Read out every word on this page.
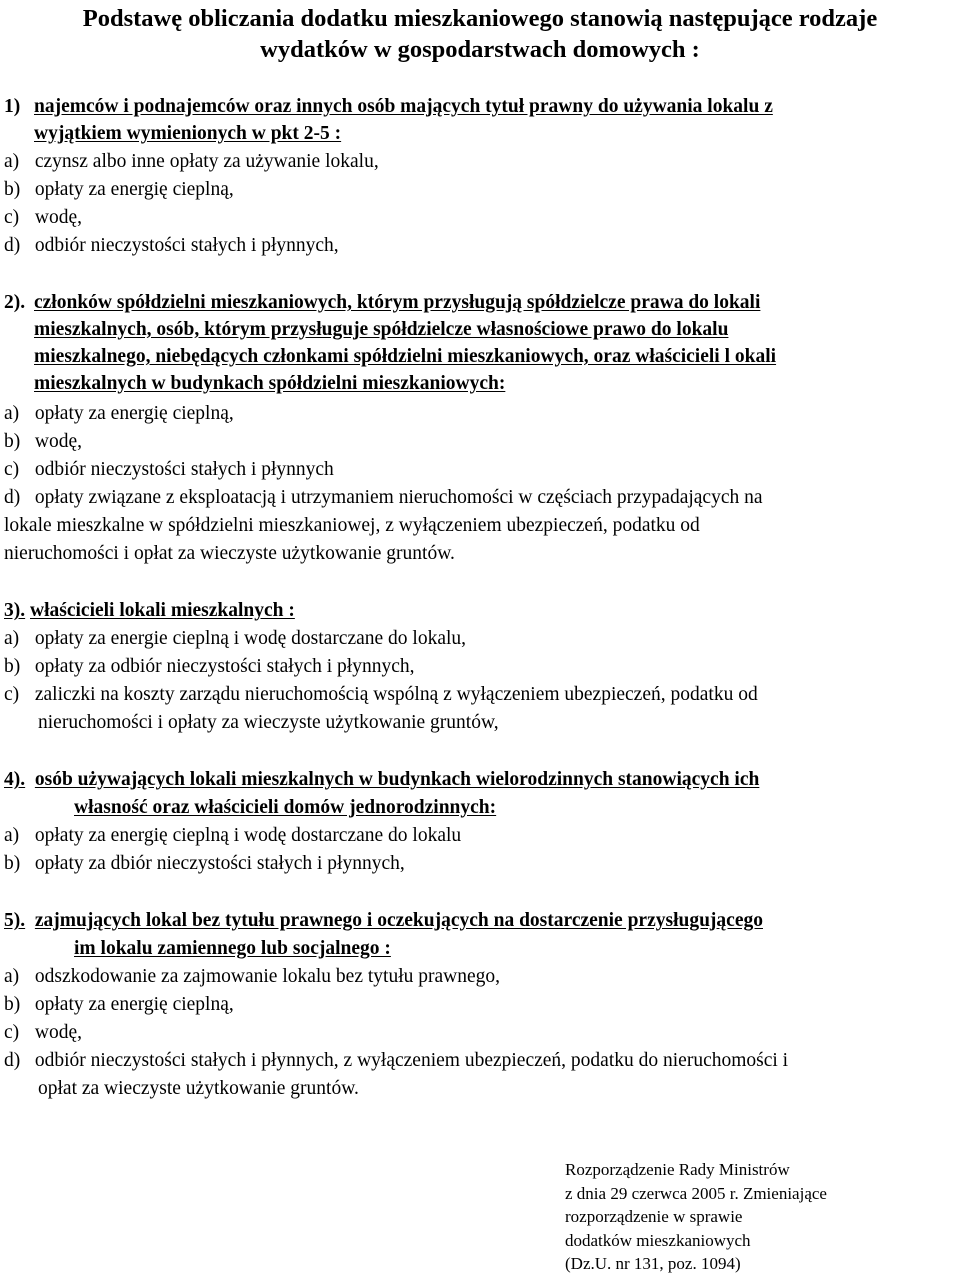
Podstawę obliczania dodatku mieszkaniowego stanowią następujące rodzaje
wydatków w gospodarstwach domowych :
1) najemców i podnajemców oraz innych osób mających tytuł prawny do używania lokalu z
wyjątkiem wymienionych w pkt 2-5 :
a) czynsz albo inne opłaty za używanie lokalu,
b) opłaty za energię cieplną,
c) wodę,
d) odbiór nieczystości stałych i płynnych,
2). członków spółdzielni mieszkaniowych, którym przysługują spółdzielcze prawa do lokali
mieszkalnych, osób, którym przysługuje spółdzielcze własnościowe prawo do lokalu
mieszkalnego, niebędących członkami spółdzielni mieszkaniowych, oraz właścicieli l okali
mieszkalnych w budynkach spółdzielni mieszkaniowych:
a) opłaty za energię cieplną,
b) wodę,
c) odbiór nieczystości stałych i płynnych
d) opłaty związane z eksploatacją i utrzymaniem nieruchomości w częściach przypadających na
lokale mieszkalne w spółdzielni mieszkaniowej, z wyłączeniem ubezpieczeń, podatku od
nieruchomości i opłat za wieczyste użytkowanie gruntów.
3). właścicieli lokali mieszkalnych :
a) opłaty za energie cieplną i wodę dostarczane do lokalu,
b) opłaty za odbiór nieczystości stałych i płynnych,
c) zaliczki na koszty zarządu nieruchomością wspólną z wyłączeniem ubezpieczeń, podatku od
nieruchomości i opłaty za wieczyste użytkowanie gruntów,
4). osób używających lokali mieszkalnych w budynkach wielorodzinnych stanowiących ich
własność oraz właścicieli domów jednorodzinnych:
a) opłaty za energię cieplną i wodę dostarczane do lokalu
b) opłaty za dbiór nieczystości stałych i płynnych,
5). zajmujących lokal bez tytułu prawnego i oczekujących na dostarczenie przysługującego
im lokalu zamiennego lub socjalnego :
a) odszkodowanie za zajmowanie lokalu bez tytułu prawnego,
b) opłaty za energię cieplną,
c) wodę,
d) odbiór nieczystości stałych i płynnych, z wyłączeniem ubezpieczeń, podatku do nieruchomości i
opłat za wieczyste użytkowanie gruntów.
Rozporządzenie Rady Ministrów
z dnia 29 czerwca 2005 r. Zmieniające
rozporządzenie w sprawie
dodatków mieszkaniowych
(Dz.U. nr 131, poz. 1094)
